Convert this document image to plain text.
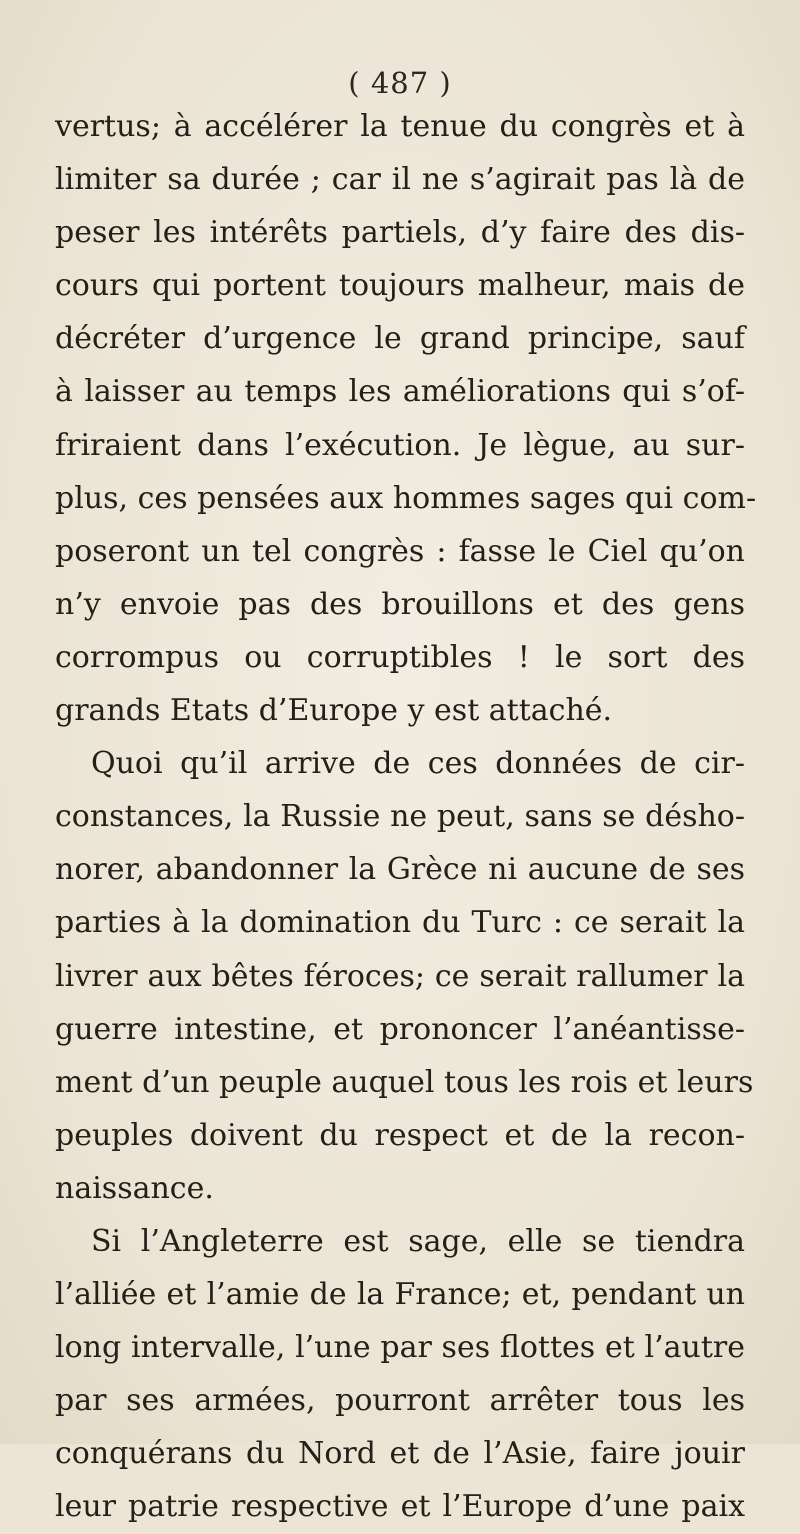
( 487 )
vertus; à accélérer la tenue du congrès et à
limiter sa durée ; car il ne s’agirait pas là de
peser les intérêts partiels, d’y faire des dis-
cours qui portent toujours malheur, mais de
décréter d’urgence le grand principe, sauf
à laisser au temps les améliorations qui s’of-
friraient dans l’exécution. Je lègue, au sur-
plus, ces pensées aux hommes sages qui com-
poseront un tel congrès : fasse le Ciel qu’on
n’y envoie pas des brouillons et des gens
corrompus ou corruptibles ! le sort des
grands Etats d’Europe y est attaché.
Quoi qu’il arrive de ces données de cir-
constances, la Russie ne peut, sans se désho-
norer, abandonner la Grèce ni aucune de ses
parties à la domination du Turc : ce serait la
livrer aux bêtes féroces; ce serait rallumer la
guerre intestine, et prononcer l’anéantisse-
ment d’un peuple auquel tous les rois et leurs
peuples doivent du respect et de la recon-
naissance.
Si l’Angleterre est sage, elle se tiendra
l’alliée et l’amie de la France; et, pendant un
long intervalle, l’une par ses flottes et l’autre
par ses armées, pourront arrêter tous les
conquérans du Nord et de l’Asie, faire jouir
leur patrie respective et l’Europe d’une paix
